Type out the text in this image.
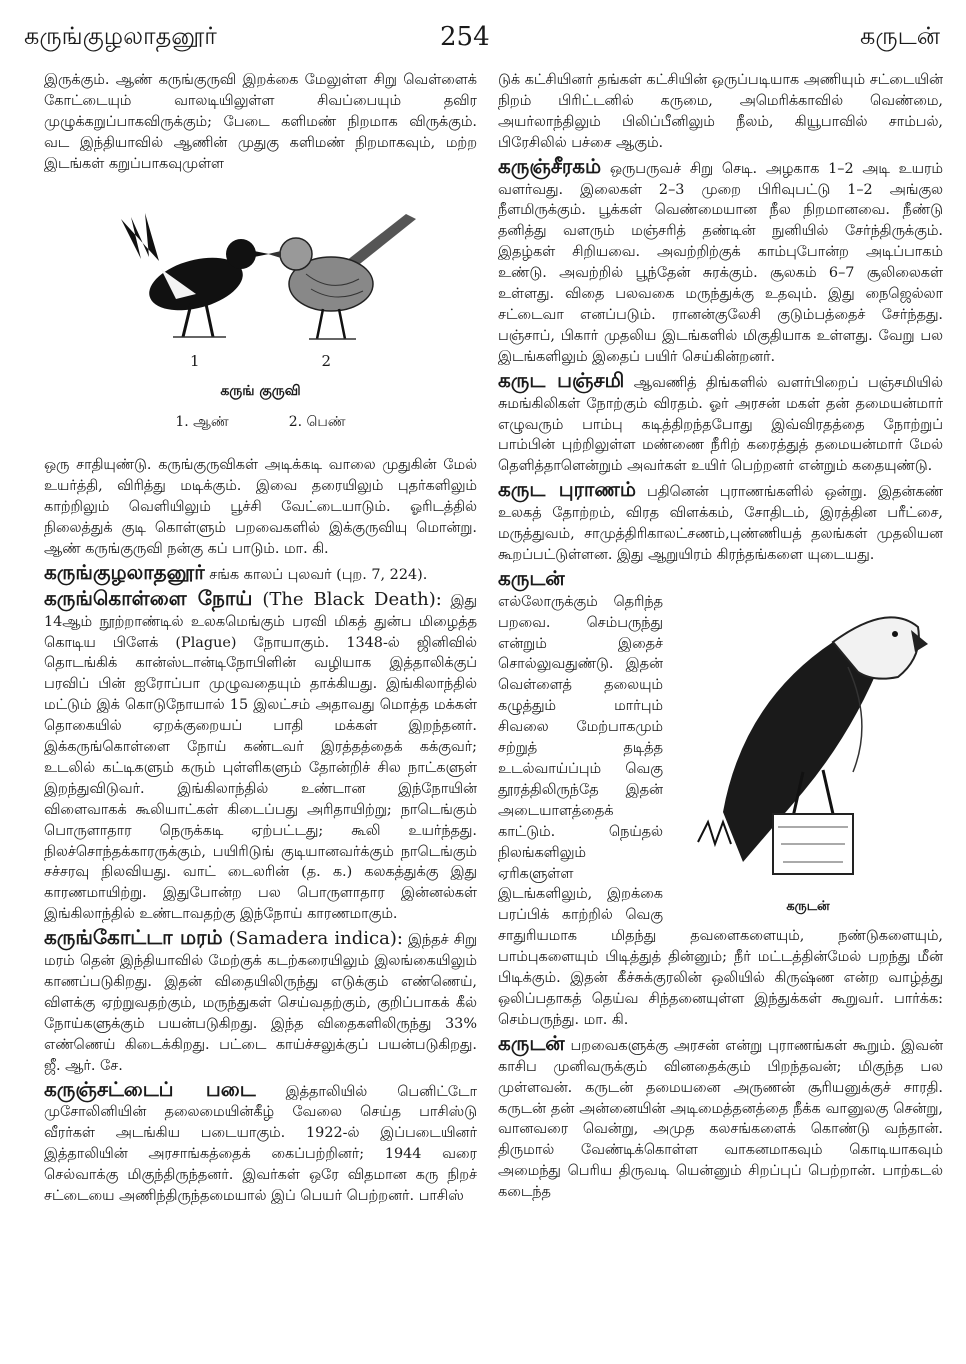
கருங்குழலாதனூர்	254	கருடன்

இருக்கும். ஆண் கருங்குருவி இறக்கை மேலுள்ள சிறு வெள்ளைக் கோட்டையும் வாலடியிலுள்ள சிவப்பையும் தவிர முழுக்கறுப்பாகவிருக்கும்; பேடை களிமண் நிறமாக விருக்கும். வட இந்தியாவில் ஆணின் முதுகு களிமண் நிறமாகவும், மற்ற இடங்கள் கறுப்பாகவுமுள்ள

1	2
கருங் குருவி
1. ஆண்	2. பெண்

ஒரு சாதியுண்டு. கருங்குருவிகள் அடிக்கடி வாலை முதுகின் மேல் உயர்த்தி, விரித்து மடிக்கும். இவை தரையிலும் புதர்களிலும் காற்றிலும் வெளியிலும் பூச்சி வேட்டையாடும். ஓரிடத்தில் நிலைத்துக் குடி கொள்ளும் பறவைகளில் இக்குருவியு மொன்று. ஆண் கருங்குருவி நன்கு கப் பாடும். மா. கி.

கருங்குழலாதனூர் சங்க காலப் புலவர் (புற. 7, 224).

கருங்கொள்ளை நோய் (The Black Death): இது 14ஆம் நூற்றாண்டில் உலகமெங்கும் பரவி மிகத் துன்ப மிழைத்த கொடிய பிளேக் (Plague) நோயாகும். 1348-ல் ஜினிவில் தொடங்கிக் கான்ஸ்டான்டிநோபிளின் வழியாக இத்தாலிக்குப் பரவிப் பின் ஐரோப்பா முழுவதையும் தாக்கியது. இங்கிலாந்தில் மட்டும் இக் கொடுநோயால் 15 இலட்சம் அதாவது மொத்த மக்கள் தொகையில் ஏறக்குறையப் பாதி மக்கள் இறந்தனர். இக்கருங்கொள்ளை நோய் கண்டவர் இரத்தத்தைக் கக்குவர்; உடலில் கட்டிகளும் கரும் புள்ளிகளும் தோன்றிச் சில நாட்களுள் இறந்துவிடுவர். இங்கிலாந்தில் உண்டான இந்நோயின் விளைவாகக் கூலியாட்கள் கிடைப்பது அரிதாயிற்று; நாடெங்கும் பொருளாதார நெருக்கடி ஏற்பட்டது; கூலி உயர்ந்தது. நிலச்சொந்தக்காரருக்கும், பயிரிடுங் குடியானவர்க்கும் நாடெங்கும் சச்சரவு நிலவியது. வாட் டைலரின் (த. க.) கலகத்துக்கு இது காரணமாயிற்று. இதுபோன்ற பல பொருளாதார இன்னல்கள் இங்கிலாந்தில் உண்டாவதற்கு இந்நோய் காரணமாகும்.

கருங்கோட்டா மரம் (Samadera indica): இந்தச் சிறு மரம் தென் இந்தியாவில் மேற்குக் கடற்கரையிலும் இலங்கையிலும் காணப்படுகிறது. இதன் விதையிலிருந்து எடுக்கும் எண்ணெய், விளக்கு ஏற்றுவதற்கும், மருந்துகள் செய்வதற்கும், குறிப்பாகக் கீல் நோய்களுக்கும் பயன்படுகிறது. இந்த விதைகளிலிருந்து 33% எண்ணெய் கிடைக்கிறது. பட்டை காய்ச்சலுக்குப் பயன்படுகிறது. ஜீ. ஆர். சே.

கருஞ்சட்டைப் படை இத்தாலியில் பெனிட்டோ முசோலினியின் தலைமையின்கீழ் வேலை செய்த பாசிஸ்டு வீரர்கள் அடங்கிய படையாகும். 1922-ல் இப்படையினர் இத்தாலியின் அரசாங்கத்தைக் கைப்பற்றினர்; 1944 வரை செல்வாக்கு மிகுந்திருந்தனர். இவர்கள் ஒரே விதமான கரு நிறச் சட்டையை அணிந்திருந்தமையால் இப் பெயர் பெற்றனர். பாசிஸ்

டுக் கட்சியினர் தங்கள் கட்சியின் ஒருப்படியாக அணியும் சட்டையின் நிறம் பிரிட்டனில் கருமை, அமெரிக்காவில் வெண்மை, அயர்லாந்திலும் பிலிப்பீனிலும் நீலம், கியூபாவில் சாம்பல், பிரேசிலில் பச்சை ஆகும்.

கருஞ்சீரகம் ஒருபருவச் சிறு செடி. அழகாக 1–2 அடி உயரம் வளர்வது. இலைகள் 2–3 முறை பிரிவுபட்டு 1–2 அங்குல நீளமிருக்கும். பூக்கள் வெண்மையான நீல நிறமானவை. நீண்டு தனித்து வளரும் மஞ்சரித் தண்டின் நுனியில் சேர்ந்திருக்கும். இதழ்கள் சிறியவை. அவற்றிற்குக் காம்புபோன்ற அடிப்பாகம் உண்டு. அவற்றில் பூந்தேன் சுரக்கும். சூலகம் 6–7 சூலிலைகள் உள்ளது. விதை பலவகை மருந்துக்கு உதவும். இது நைஜெல்லா சட்டைவா எனப்படும். ரானன்குலேசி குடும்பத்தைச் சேர்ந்தது. பஞ்சாப், பிகார் முதலிய இடங்களில் மிகுதியாக உள்ளது. வேறு பல இடங்களிலும் இதைப் பயிர் செய்கின்றனர்.

கருட பஞ்சமி ஆவணித் திங்களில் வளர்பிறைப் பஞ்சமியில் சுமங்கிலிகள் நோற்கும் விரதம். ஓர் அரசன் மகள் தன் தமையன்மார் எழுவரும் பாம்பு கடித்திறந்தபோது இவ்விரதத்தை நோற்றுப் பாம்பின் புற்றிலுள்ள மண்ணை நீரிற் கரைத்துத் தமையன்மார் மேல் தெளித்தாளென்றும் அவர்கள் உயிர் பெற்றனர் என்றும் கதையுண்டு.

கருட புராணம் பதினென் புராணங்களில் ஒன்று. இதன்கண் உலகத் தோற்றம், விரத விளக்கம், சோதிடம், இரத்தின பரீட்சை, மருத்துவம், சாமுத்திரிகாலட்சணம்,புண்ணியத் தலங்கள் முதலியன கூறப்பட்டுள்ளன. இது ஆறுயிரம் கிரந்தங்களை யுடையது.

கருடன்
கருடன் எல்லோருக்கும் தெரிந்த பறவை. செம்பருந்து என்றும் இதைச் சொல்லுவதுண்டு. இதன் வெள்ளைத் தலையும் கழுத்தும் மார்பும் சிவலை மேற்பாகமும் சற்றுத் தடித்த உடல்வாய்ப்பும் வெகு தூரத்திலிருந்தே இதன் அடையாளத்தைக் காட்டும். நெய்தல் நிலங்களிலும் ஏரிகளுள்ள இடங்களிலும், இறக்கை பரப்பிக் காற்றில் வெகு சாதுரியமாக மிதந்து தவளைகளையும், நண்டுகளையும், பாம்புகளையும் பிடித்துத் தின்னும்; நீர் மட்டத்தின்மேல் பறந்து மீன் பிடிக்கும். இதன் கீச்சுக்குரலின் ஒலியில் கிருஷ்ண என்ற வாழ்த்து ஒலிப்பதாகத் தெய்வ சிந்தனையுள்ள இந்துக்கள் கூறுவர். பார்க்க: செம்பருந்து. மா. கி.

கருடன் பறவைகளுக்கு அரசன் என்று புராணங்கள் கூறும். இவன் காசிப முனிவருக்கும் வினதைக்கும் பிறந்தவன்; மிகுந்த பல முள்ளவன். கருடன் தமையனை அருணன் சூரியனுக்குச் சாரதி. கருடன் தன் அன்னையின் அடிமைத்தனத்தை நீக்க வானுலகு சென்று, வானவரை வென்று, அமுத கலசங்களைக் கொண்டு வந்தான். திருமால் வேண்டிக்கொள்ள வாகனமாகவும் கொடியாகவும் அமைந்து பெரிய திருவடி யென்னும் சிறப்புப் பெற்றான். பாற்கடல் கடைந்த
